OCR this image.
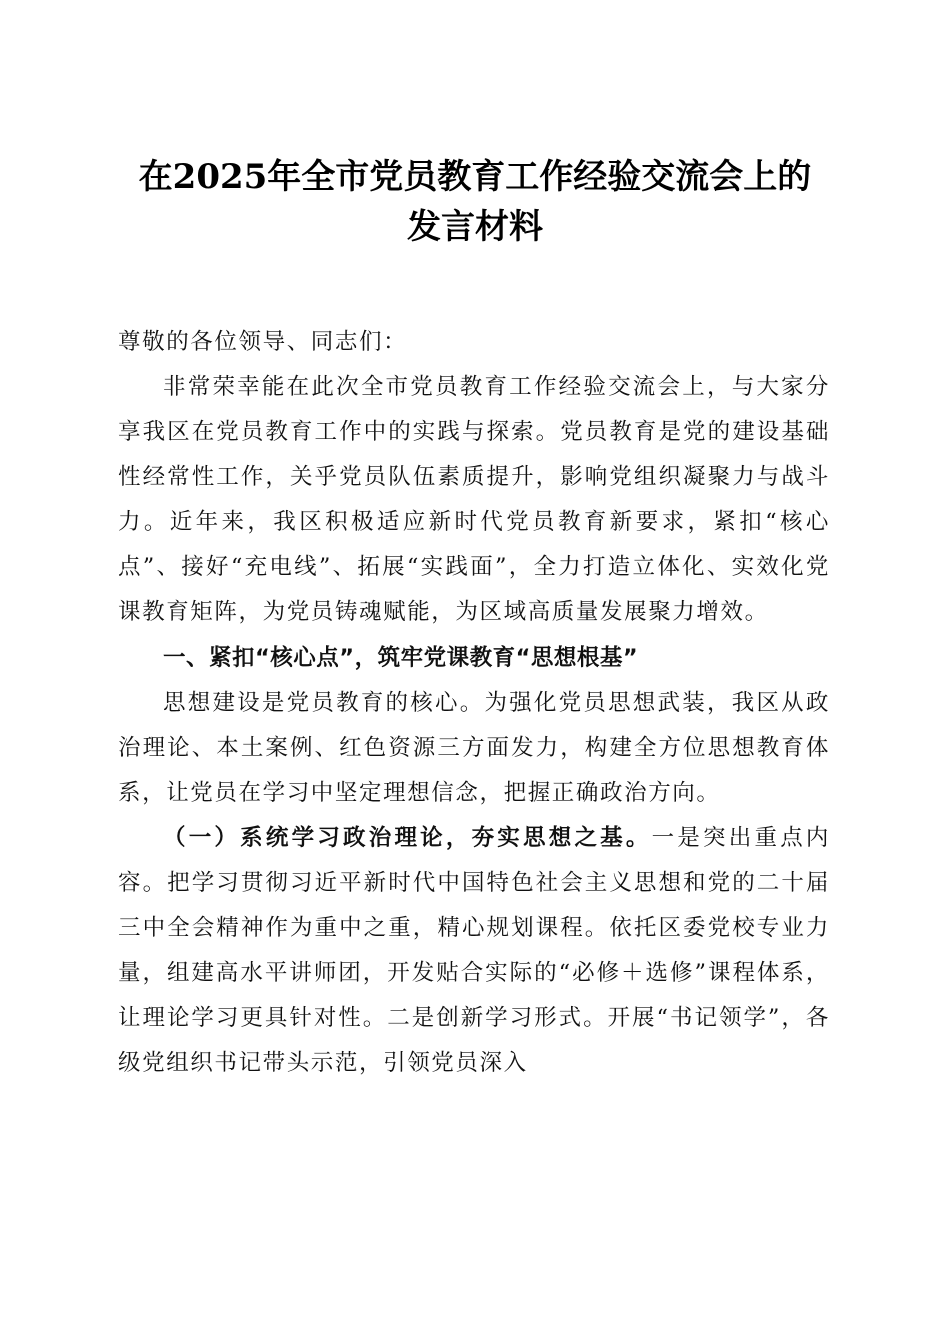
在2025年全市党员教育工作经验交流会上的
发言材料

尊敬的各位领导、同志们：

非常荣幸能在此次全市党员教育工作经验交流会上，与大家分享我区在党员教育工作中的实践与探索。党员教育是党的建设基础性经常性工作，关乎党员队伍素质提升，影响党组织凝聚力与战斗力。近年来，我区积极适应新时代党员教育新要求，紧扣“核心点”、接好“充电线”、拓展“实践面”，全力打造立体化、实效化党课教育矩阵，为党员铸魂赋能，为区域高质量发展聚力增效。

一、紧扣“核心点”，筑牢党课教育“思想根基”

思想建设是党员教育的核心。为强化党员思想武装，我区从政治理论、本土案例、红色资源三方面发力，构建全方位思想教育体系，让党员在学习中坚定理想信念，把握正确政治方向。

（一）系统学习政治理论，夯实思想之基。一是突出重点内容。把学习贯彻习近平新时代中国特色社会主义思想和党的二十届三中全会精神作为重中之重，精心规划课程。依托区委党校专业力量，组建高水平讲师团，开发贴合实际的“必修＋选修”课程体系，让理论学习更具针对性。二是创新学习形式。开展“书记领学”，各级党组织书记带头示范，引领党员深入
